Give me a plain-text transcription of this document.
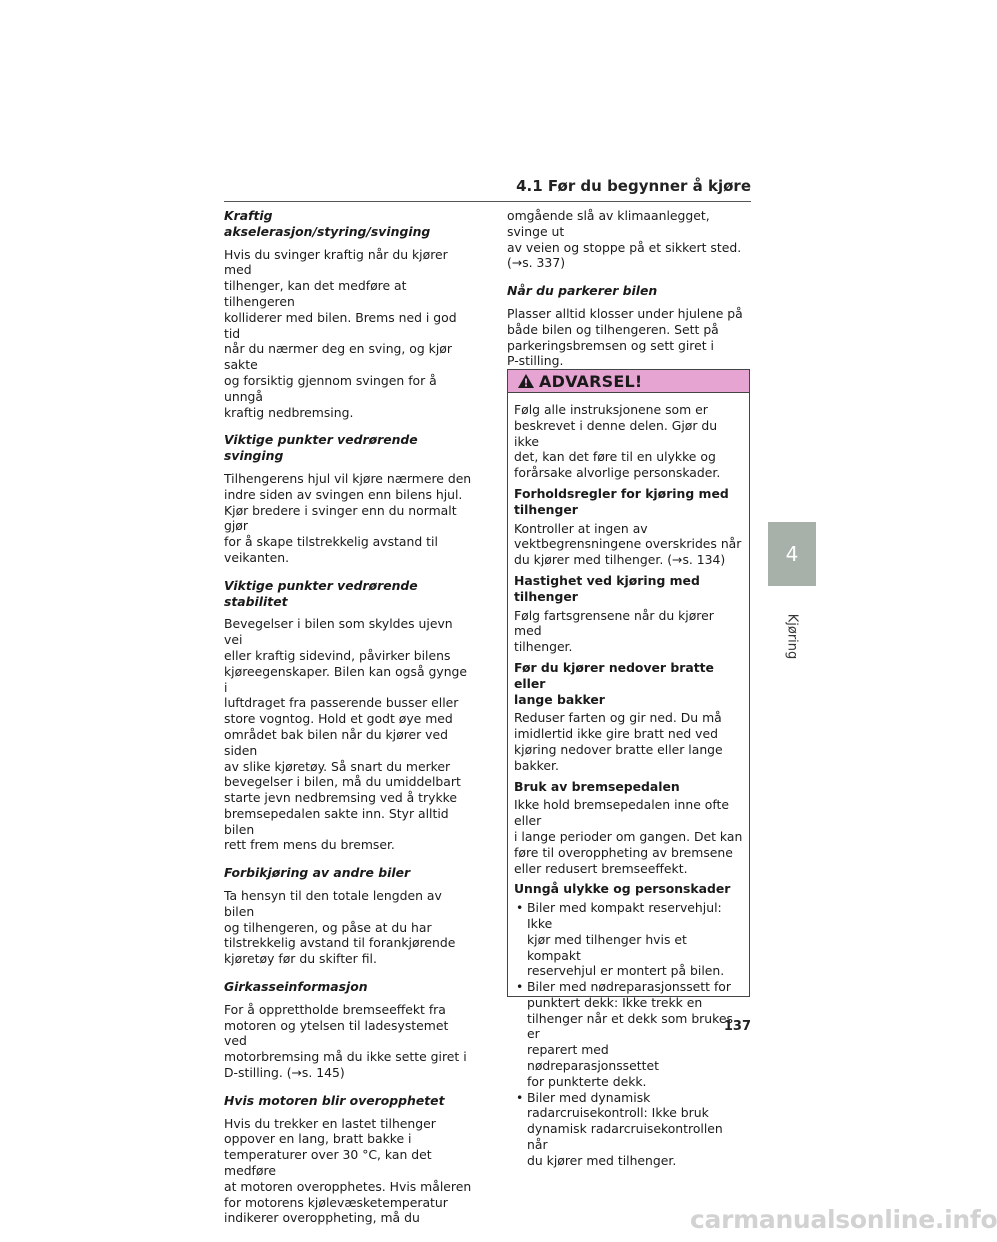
4.1 Før du begynner å kjøre
Kraftig akselerasjon/styring/svinging
Hvis du svinger kraftig når du kjører med
tilhenger, kan det medføre at tilhengeren
kolliderer med bilen. Brems ned i god tid
når du nærmer deg en sving, og kjør sakte
og forsiktig gjennom svingen for å unngå
kraftig nedbremsing.
Viktige punkter vedrørende svinging
Tilhengerens hjul vil kjøre nærmere den
indre siden av svingen enn bilens hjul.
Kjør bredere i svinger enn du normalt gjør
for å skape tilstrekkelig avstand til
veikanten.
Viktige punkter vedrørende stabilitet
Bevegelser i bilen som skyldes ujevn vei
eller kraftig sidevind, påvirker bilens
kjøreegenskaper. Bilen kan også gynge i
luftdraget fra passerende busser eller
store vogntog. Hold et godt øye med
området bak bilen når du kjører ved siden
av slike kjøretøy. Så snart du merker
bevegelser i bilen, må du umiddelbart
starte jevn nedbremsing ved å trykke
bremsepedalen sakte inn. Styr alltid bilen
rett frem mens du bremser.
Forbikjøring av andre biler
Ta hensyn til den totale lengden av bilen
og tilhengeren, og påse at du har
tilstrekkelig avstand til forankjørende
kjøretøy før du skifter fil.
Girkasseinformasjon
For å opprettholde bremseeffekt fra
motoren og ytelsen til ladesystemet ved
motorbremsing må du ikke sette giret i
D-stilling. (→s. 145)
Hvis motoren blir overopphetet
Hvis du trekker en lastet tilhenger
oppover en lang, bratt bakke i
temperaturer over 30 °C, kan det medføre
at motoren overopphetes. Hvis måleren
for motorens kjølevæsketemperatur
indikerer overoppheting, må du
omgående slå av klimaanlegget, svinge ut
av veien og stoppe på et sikkert sted.
(→s. 337)
Når du parkerer bilen
Plasser alltid klosser under hjulene på
både bilen og tilhengeren. Sett på
parkeringsbremsen og sett giret i
P-stilling.
ADVARSEL!
Følg alle instruksjonene som er
beskrevet i denne delen. Gjør du ikke
det, kan det føre til en ulykke og
forårsake alvorlige personskader.
Forholdsregler for kjøring med
tilhenger
Kontroller at ingen av
vektbegrensningene overskrides når
du kjører med tilhenger. (→s. 134)
Hastighet ved kjøring med tilhenger
Følg fartsgrensene når du kjører med
tilhenger.
Før du kjører nedover bratte eller
lange bakker
Reduser farten og gir ned. Du må
imidlertid ikke gire bratt ned ved
kjøring nedover bratte eller lange
bakker.
Bruk av bremsepedalen
Ikke hold bremsepedalen inne ofte eller
i lange perioder om gangen. Det kan
føre til overoppheting av bremsene
eller redusert bremseeffekt.
Unngå ulykke og personskader
• Biler med kompakt reservehjul: Ikke
kjør med tilhenger hvis et kompakt
reservehjul er montert på bilen.
• Biler med nødreparasjonssett for
punktert dekk: Ikke trekk en
tilhenger når et dekk som brukes er
reparert med nødreparasjonssettet
for punkterte dekk.
• Biler med dynamisk
radarcruisekontroll: Ikke bruk
dynamisk radarcruisekontrollen når
du kjører med tilhenger.
4
Kjøring
137
carmanualsonline.info
